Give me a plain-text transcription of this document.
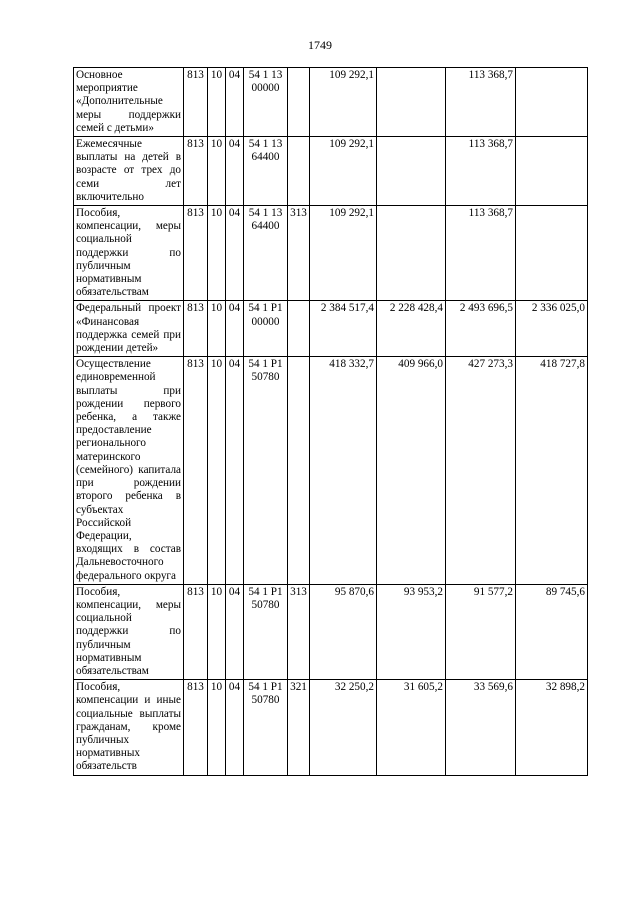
1749
Основное мероприятие «Дополнительные меры поддержки семей с детьми»	813	10	04	54 1 13 00000		109 292,1		113 368,7	
Ежемесячные выплаты на детей в возрасте от трех до семи лет включительно	813	10	04	54 1 13 64400		109 292,1		113 368,7	
Пособия, компенсации, меры социальной поддержки по публичным нормативным обязательствам	813	10	04	54 1 13 64400	313	109 292,1		113 368,7	
Федеральный проект «Финансовая поддержка семей при рождении детей»	813	10	04	54 1 P1 00000		2 384 517,4	2 228 428,4	2 493 696,5	2 336 025,0
Осуществление единовременной выплаты при рождении первого ребенка, а также предоставление регионального материнского (семейного) капитала при рождении второго ребенка в субъектах Российской Федерации, входящих в состав Дальневосточного федерального округа	813	10	04	54 1 P1 50780		418 332,7	409 966,0	427 273,3	418 727,8
Пособия, компенсации, меры социальной поддержки по публичным нормативным обязательствам	813	10	04	54 1 P1 50780	313	95 870,6	93 953,2	91 577,2	89 745,6
Пособия, компенсации и иные социальные выплаты гражданам, кроме публичных нормативных обязательств	813	10	04	54 1 P1 50780	321	32 250,2	31 605,2	33 569,6	32 898,2
